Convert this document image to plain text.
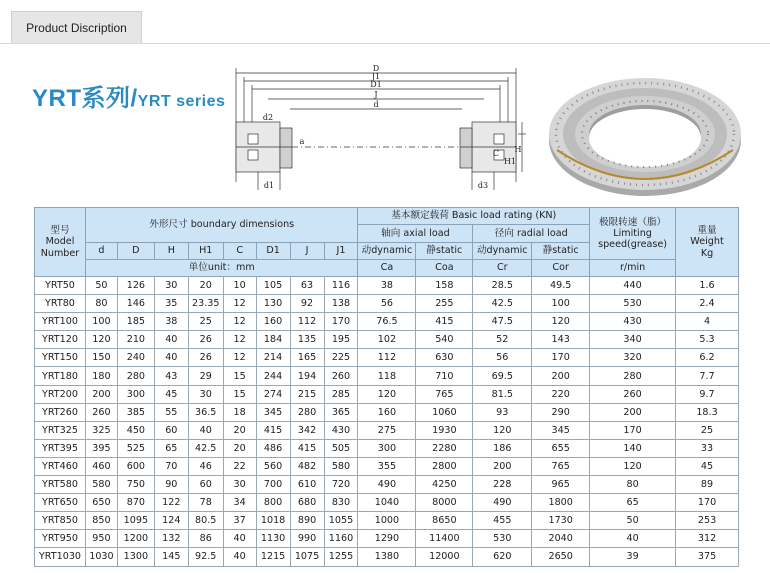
Product Discription
YRT系列/YRT series
D
J1
D1
J
d
d2
a
C H
H1
d1	d3
型号
Model
Number	外形尺寸 boundary dimensions								基本额定载荷 Basic load rating (KN)				极限转速（脂）
Limiting
speed(grease)	重量
Weight
Kg
									轴向 axial load		径向 radial load			
	d	D	H	H1	C	D1	J	J1	动dynamic	静static	动dynamic	静static		
	单位unit：mm								Ca	Coa	Cr	Cor	r/min	
YRT50	50	126	30	20	10	105	63	116	38	158	28.5	49.5	440	1.6
YRT80	80	146	35	23.35	12	130	92	138	56	255	42.5	100	530	2.4
YRT100	100	185	38	25	12	160	112	170	76.5	415	47.5	120	430	4
YRT120	120	210	40	26	12	184	135	195	102	540	52	143	340	5.3
YRT150	150	240	40	26	12	214	165	225	112	630	56	170	320	6.2
YRT180	180	280	43	29	15	244	194	260	118	710	69.5	200	280	7.7
YRT200	200	300	45	30	15	274	215	285	120	765	81.5	220	260	9.7
YRT260	260	385	55	36.5	18	345	280	365	160	1060	93	290	200	18.3
YRT325	325	450	60	40	20	415	342	430	275	1930	120	345	170	25
YRT395	395	525	65	42.5	20	486	415	505	300	2280	186	655	140	33
YRT460	460	600	70	46	22	560	482	580	355	2800	200	765	120	45
YRT580	580	750	90	60	30	700	610	720	490	4250	228	965	80	89
YRT650	650	870	122	78	34	800	680	830	1040	8000	490	1800	65	170
YRT850	850	1095	124	80.5	37	1018	890	1055	1000	8650	455	1730	50	253
YRT950	950	1200	132	86	40	1130	990	1160	1290	11400	530	2040	40	312
YRT1030	1030	1300	145	92.5	40	1215	1075	1255	1380	12000	620	2650	39	375
